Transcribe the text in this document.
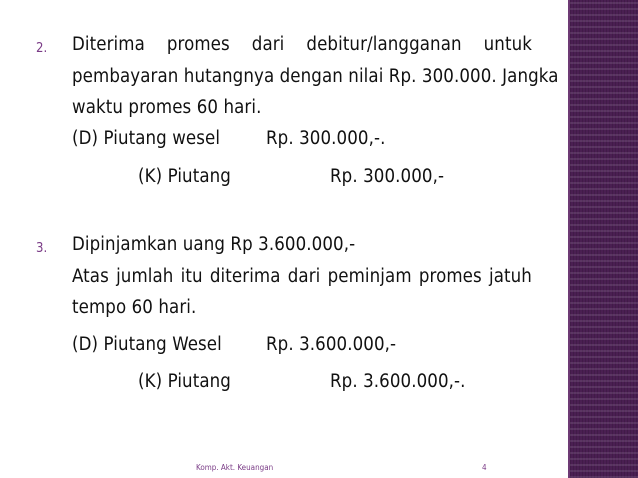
2. Diterima promes dari debitur/langganan untuk
pembayaran hutangnya dengan nilai Rp. 300.000. Jangka
waktu promes 60 hari.
(D) Piutang wesel Rp. 300.000,-.
(K) Piutang	Rp. 300.000,-
3. Dipinjamkan uang Rp 3.600.000,-
Atas jumlah itu diterima dari peminjam promes jatuh
tempo 60 hari.
(D) Piutang Wesel Rp. 3.600.000,-
(K) Piutang	Rp. 3.600.000,-.
Komp. Akt. Keuangan	4
